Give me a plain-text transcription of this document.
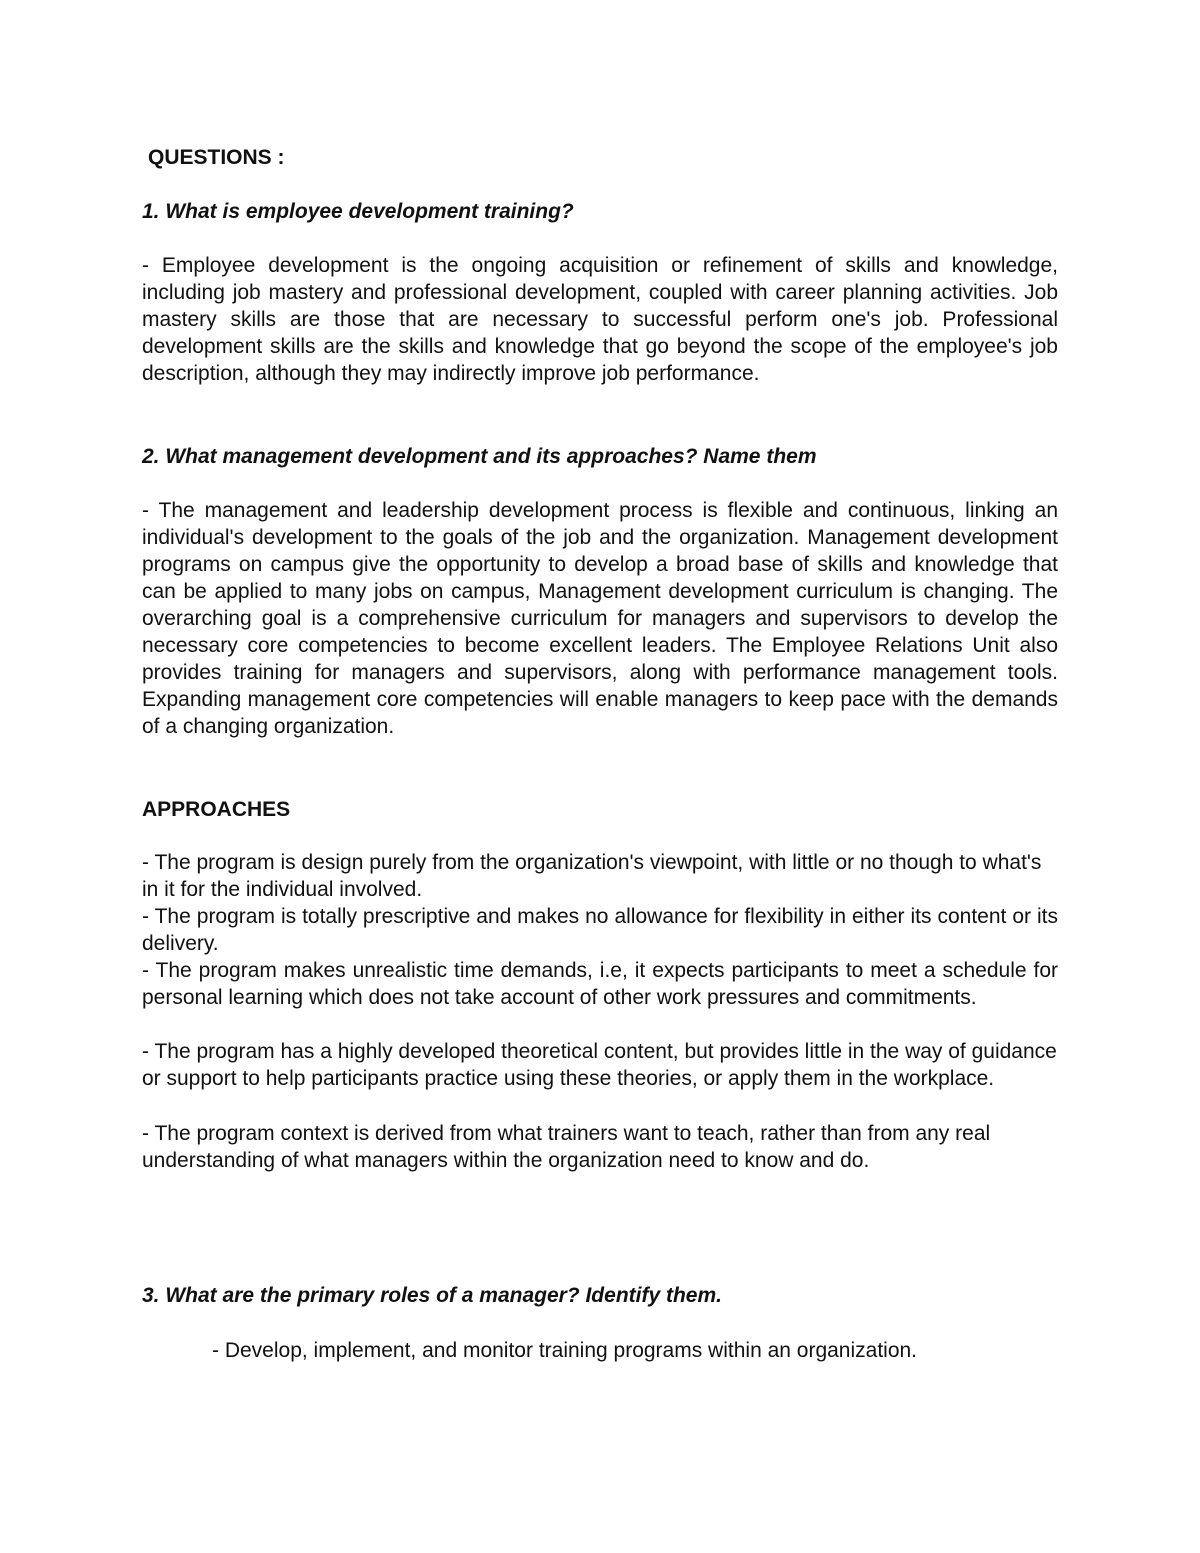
QUESTIONS :
1. What is employee development training?

- Employee development is the ongoing acquisition or refinement of skills and knowledge, including job mastery and professional development, coupled with career planning activities. Job mastery skills are those that are necessary to successful perform one's job. Professional development skills are the skills and knowledge that go beyond the scope of the employee's job description, although they may indirectly improve job performance.

2. What management development and its approaches? Name them

- The management and leadership development process is flexible and continuous, linking an individual's development to the goals of the job and the organization. Management development programs on campus give the opportunity to develop a broad base of skills and knowledge that can be applied to many jobs on campus, Management development curriculum is changing. The overarching goal is a comprehensive curriculum for managers and supervisors to develop the necessary core competencies to become excellent leaders. The Employee Relations Unit also provides training for managers and supervisors, along with performance management tools. Expanding management core competencies will enable managers to keep pace with the demands of a changing organization.

APPROACHES

- The program is design purely from the organization's viewpoint, with little or no though to what's in it for the individual involved.

- The program is totally prescriptive and makes no allowance for flexibility in either its content or its delivery.

- The program makes unrealistic time demands, i.e, it expects participants to meet a schedule for personal learning which does not take account of other work pressures and commitments.

- The program has a highly developed theoretical content, but provides little in the way of guidance or support to help participants practice using these theories, or apply them in the workplace.

- The program context is derived from what trainers want to teach, rather than from any real understanding of what managers within the organization need to know and do.

3. What are the primary roles of a manager? Identify them.
- Develop, implement, and monitor training programs within an organization.
